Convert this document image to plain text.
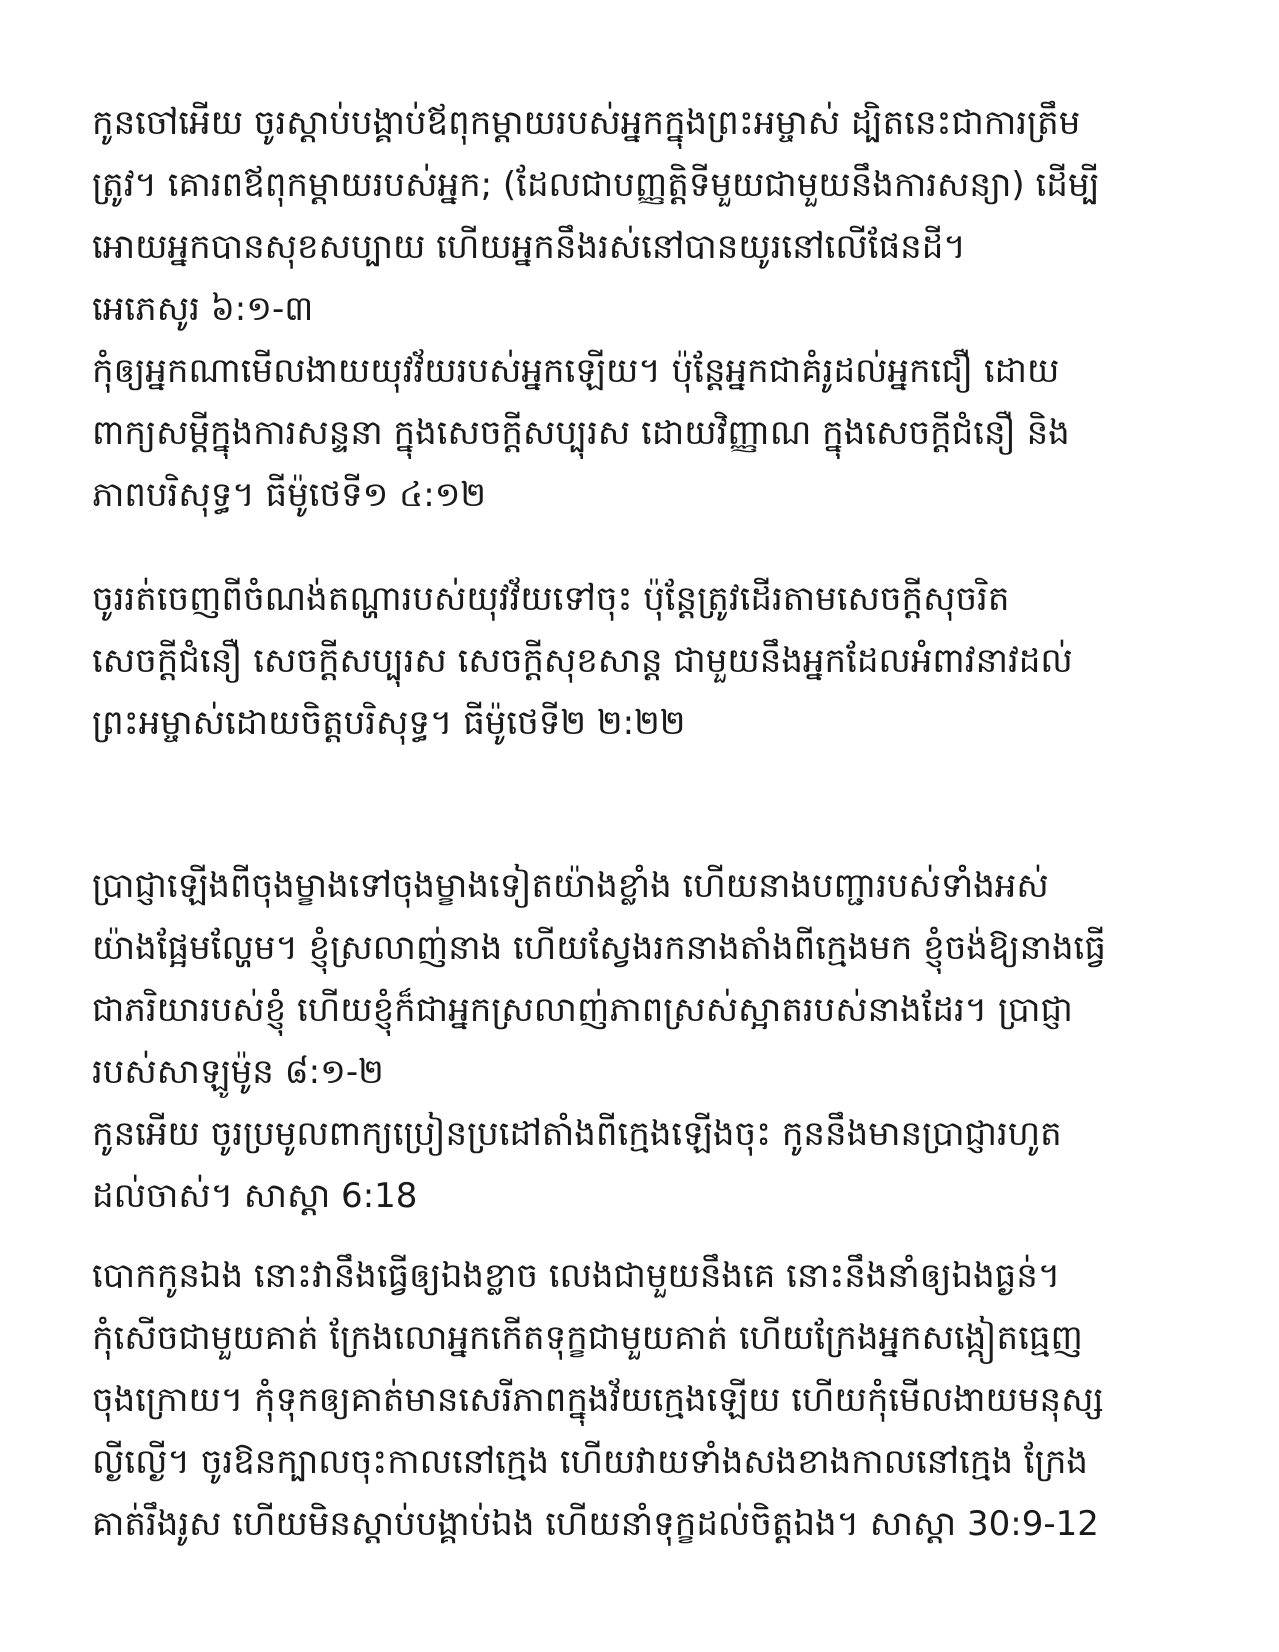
កូនចៅអើយ ចូរស្តាប់បង្គាប់ឪពុកម្តាយរបស់អ្នកក្នុងព្រះអម្ចាស់ ដ្បិតនេះជាការត្រឹម
ត្រូវ។ គោរពឪពុកម្តាយរបស់អ្នក; (ដែលជាបញ្ញត្តិទីមួយជាមួយនឹងការសន្យា) ដើម្បី
អោយអ្នកបានសុខសប្បាយ ហើយអ្នកនឹងរស់នៅបានយូរនៅលើផែនដី។
អេភេសូរ ៦:១-៣
កុំឲ្យអ្នកណាមើលងាយយុវវ័យរបស់អ្នកឡើយ។ ប៉ុន្តែអ្នកជាគំរូដល់អ្នកជឿ ដោយ
ពាក្យសម្តីក្នុងការសន្ទនា ក្នុងសេចក្តីសប្បុរស ដោយវិញ្ញាណ ក្នុងសេចក្តីជំនឿ និង
ភាពបរិសុទ្ធ។ ធីម៉ូថេទី១ ៤:១២
ចូររត់ចេញពីចំណង់តណ្ហារបស់យុវវ័យទៅចុះ ប៉ុន្តែត្រូវដើរតាមសេចក្តីសុចរិត
សេចក្តីជំនឿ សេចក្តីសប្បុរស សេចក្តីសុខសាន្ត ជាមួយនឹងអ្នកដែលអំពាវនាវដល់
ព្រះអម្ចាស់ដោយចិត្តបរិសុទ្ធ។ ធីម៉ូថេទី២ ២:២២
ប្រាជ្ញាឡើងពីចុងម្ខាងទៅចុងម្ខាងទៀតយ៉ាងខ្លាំង ហើយនាងបញ្ជារបស់ទាំងអស់
យ៉ាងផ្អែមល្ហែម។ ខ្ញុំស្រលាញ់នាង ហើយស្វែងរកនាងតាំងពីក្មេងមក ខ្ញុំចង់ឱ្យនាងធ្វើ
ជាភរិយារបស់ខ្ញុំ ហើយខ្ញុំក៏ជាអ្នកស្រលាញ់ភាពស្រស់ស្អាតរបស់នាងដែរ។ ប្រាជ្ញា
របស់សាឡូម៉ូន ៨:១-២
កូនអើយ ចូរប្រមូលពាក្យប្រៀនប្រដៅតាំងពីក្មេងឡើងចុះ កូននឹងមានប្រាជ្ញារហូត
ដល់ចាស់។ សាស្តា 6:18
បោកកូនឯង នោះវានឹងធ្វើឲ្យឯងខ្លាច លេងជាមួយនឹងគេ នោះនឹងនាំឲ្យឯងធ្ងន់។
កុំសើចជាមួយគាត់ ក្រែងលោអ្នកកើតទុក្ខជាមួយគាត់ ហើយក្រែងអ្នកសង្កៀតធ្មេញ
ចុងក្រោយ។ កុំទុកឲ្យគាត់មានសេរីភាពក្នុងវ័យក្មេងឡើយ ហើយកុំមើលងាយមនុស្ស
ល្ងីល្ងើ។ ចូរឱនក្បាលចុះកាលនៅក្មេង ហើយវាយទាំងសងខាងកាលនៅក្មេង ក្រែង
គាត់រឹងរូស ហើយមិនស្តាប់បង្គាប់ឯង ហើយនាំទុក្ខដល់ចិត្តឯង។ សាស្តា 30:9-12
